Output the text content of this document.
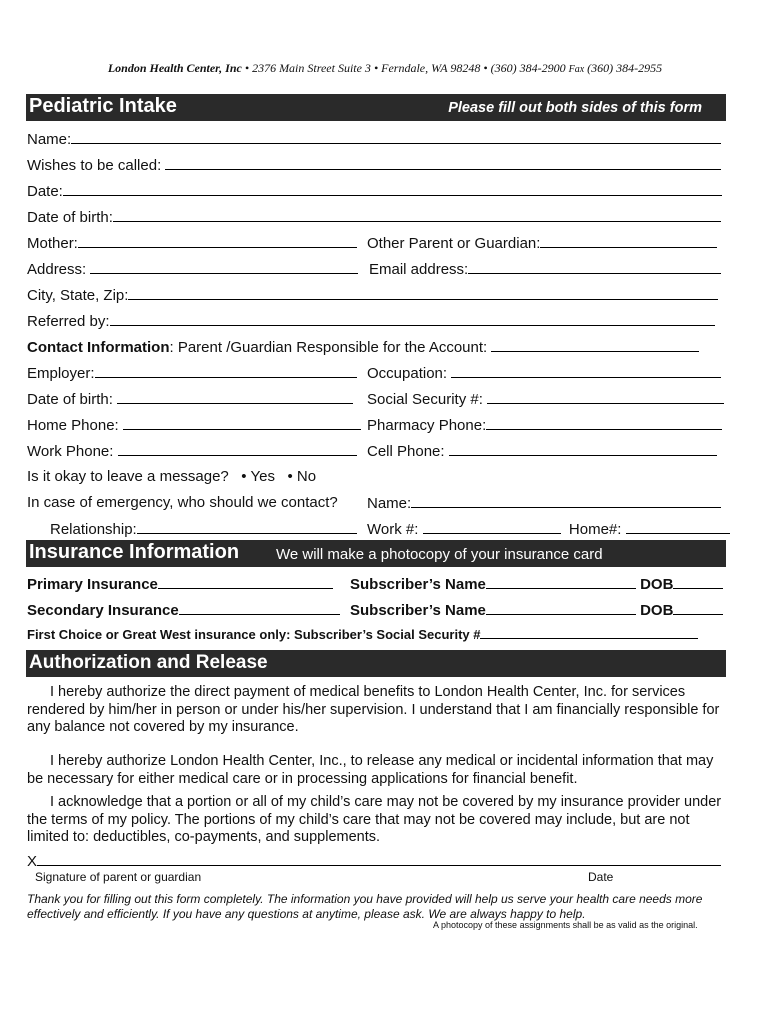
London Health Center, Inc • 2376 Main Street Suite 3 • Ferndale, WA 98248 • (360) 384-2900 Fax (360) 384-2955
Pediatric Intake	Please fill out both sides of this form
Name:
Wishes to be called:
Date:
Date of birth:
Mother:	Other Parent or Guardian:
Address:	Email address:
City, State, Zip:
Referred by:
Contact Information: Parent /Guardian Responsible for the Account:
Employer:	Occupation:
Date of birth:	Social Security #:
Home Phone:	Pharmacy Phone:
Work Phone:	Cell Phone:
Is it okay to leave a message? • Yes • No
In case of emergency, who should we contact? Name:
Relationship:	Work #:	Home#:
Insurance Information We will make a photocopy of your insurance card
Primary Insurance	Subscriber’s Name	DOB
Secondary Insurance	Subscriber’s Name	DOB
First Choice or Great West insurance only: Subscriber’s Social Security #
Authorization and Release
I hereby authorize the direct payment of medical benefits to London Health Center, Inc. for services rendered by him/her in person or under his/her supervision. I understand that I am financially responsible for any balance not covered by my insurance.
I hereby authorize London Health Center, Inc., to release any medical or incidental information that may be necessary for either medical care or in processing applications for financial benefit.
I acknowledge that a portion or all of my child’s care may not be covered by my insurance provider under the terms of my policy. The portions of my child’s care that may not be covered may include, but are not limited to: deductibles, co-payments, and supplements.
X
Signature of parent or guardian	Date
Thank you for filling out this form completely. The information you have provided will help us serve your health care needs more effectively and efficiently. If you have any questions at anytime, please ask. We are always happy to help.
A photocopy of these assignments shall be as valid as the original.
